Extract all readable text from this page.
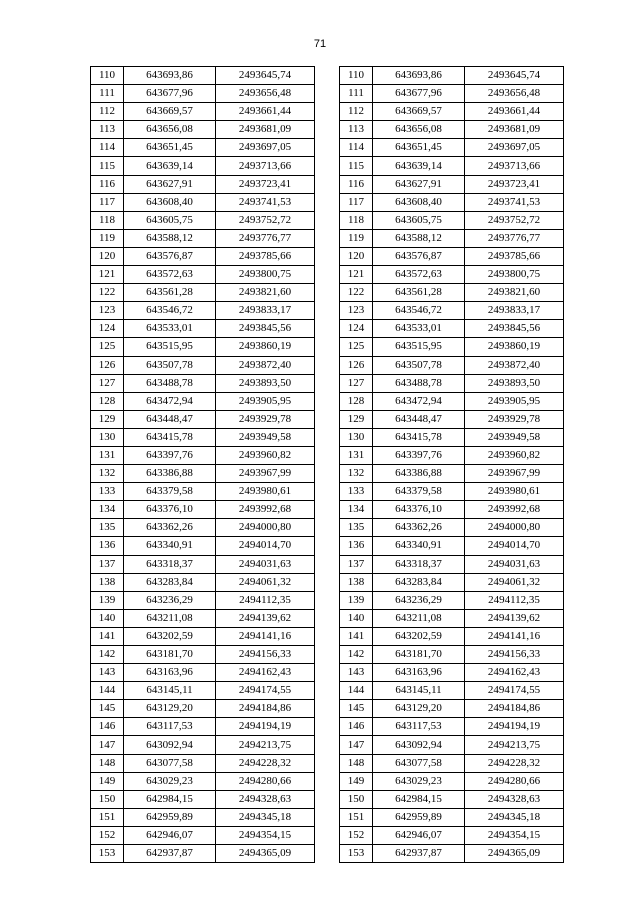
71
110	643693,86	2493645,74
111	643677,96	2493656,48
112	643669,57	2493661,44
113	643656,08	2493681,09
114	643651,45	2493697,05
115	643639,14	2493713,66
116	643627,91	2493723,41
117	643608,40	2493741,53
118	643605,75	2493752,72
119	643588,12	2493776,77
120	643576,87	2493785,66
121	643572,63	2493800,75
122	643561,28	2493821,60
123	643546,72	2493833,17
124	643533,01	2493845,56
125	643515,95	2493860,19
126	643507,78	2493872,40
127	643488,78	2493893,50
128	643472,94	2493905,95
129	643448,47	2493929,78
130	643415,78	2493949,58
131	643397,76	2493960,82
132	643386,88	2493967,99
133	643379,58	2493980,61
134	643376,10	2493992,68
135	643362,26	2494000,80
136	643340,91	2494014,70
137	643318,37	2494031,63
138	643283,84	2494061,32
139	643236,29	2494112,35
140	643211,08	2494139,62
141	643202,59	2494141,16
142	643181,70	2494156,33
143	643163,96	2494162,43
144	643145,11	2494174,55
145	643129,20	2494184,86
146	643117,53	2494194,19
147	643092,94	2494213,75
148	643077,58	2494228,32
149	643029,23	2494280,66
150	642984,15	2494328,63
151	642959,89	2494345,18
152	642946,07	2494354,15
153	642937,87	2494365,09
110	643693,86	2493645,74
111	643677,96	2493656,48
112	643669,57	2493661,44
113	643656,08	2493681,09
114	643651,45	2493697,05
115	643639,14	2493713,66
116	643627,91	2493723,41
117	643608,40	2493741,53
118	643605,75	2493752,72
119	643588,12	2493776,77
120	643576,87	2493785,66
121	643572,63	2493800,75
122	643561,28	2493821,60
123	643546,72	2493833,17
124	643533,01	2493845,56
125	643515,95	2493860,19
126	643507,78	2493872,40
127	643488,78	2493893,50
128	643472,94	2493905,95
129	643448,47	2493929,78
130	643415,78	2493949,58
131	643397,76	2493960,82
132	643386,88	2493967,99
133	643379,58	2493980,61
134	643376,10	2493992,68
135	643362,26	2494000,80
136	643340,91	2494014,70
137	643318,37	2494031,63
138	643283,84	2494061,32
139	643236,29	2494112,35
140	643211,08	2494139,62
141	643202,59	2494141,16
142	643181,70	2494156,33
143	643163,96	2494162,43
144	643145,11	2494174,55
145	643129,20	2494184,86
146	643117,53	2494194,19
147	643092,94	2494213,75
148	643077,58	2494228,32
149	643029,23	2494280,66
150	642984,15	2494328,63
151	642959,89	2494345,18
152	642946,07	2494354,15
153	642937,87	2494365,09
